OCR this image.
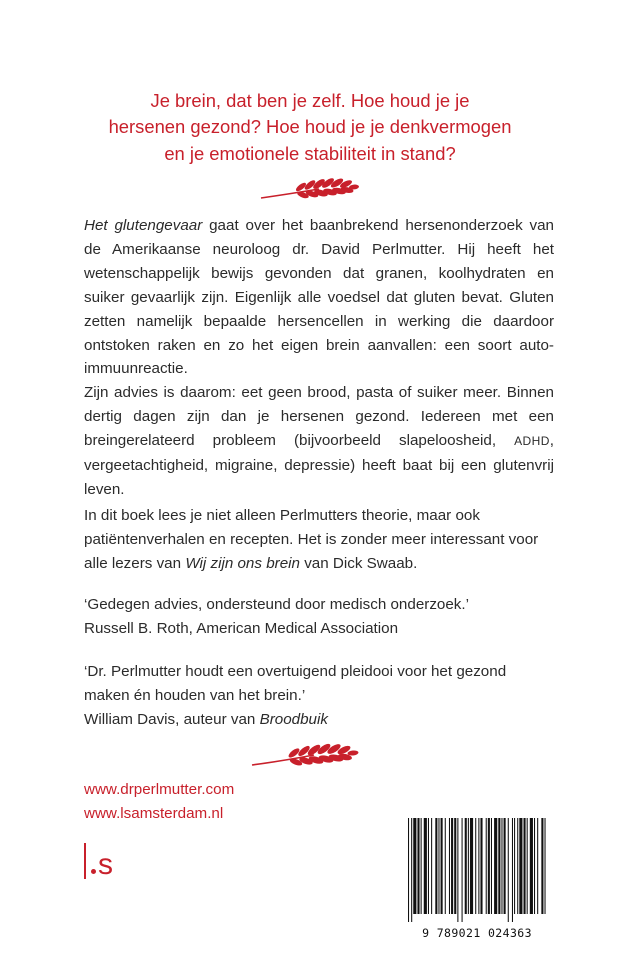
Je brein, dat ben je zelf. Hoe houd je je

hersenen gezond? Hoe houd je je denkvermogen

en je emotionele stabiliteit in stand?

Het glutengevaar gaat over het baanbrekend hersenonderzoek van de Amerikaanse neuroloog dr. David Perlmutter. Hij heeft het wetenschappelijk bewijs gevonden dat granen, koolhydraten en suiker gevaarlijk zijn. Eigenlijk alle voedsel dat gluten bevat. Gluten zetten namelijk bepaalde hersencellen in werking die daardoor ontstoken raken en zo het eigen brein aanvallen: een soort auto-immuunreactie.

Zijn advies is daarom: eet geen brood, pasta of suiker meer. Binnen dertig dagen zijn dan je hersenen gezond. Iedereen met een breingerelateerd probleem (bijvoorbeeld slapeloosheid, ADHD, vergeetachtigheid, migraine, depressie) heeft baat bij een glutenvrij leven.

In dit boek lees je niet alleen Perlmutters theorie, maar ook patiëntenverhalen en recepten. Het is zonder meer interessant voor alle lezers van Wij zijn ons brein van Dick Swaab.

‘Gedegen advies, ondersteund door medisch onderzoek.’

Russell B. Roth, American Medical Association

‘Dr. Perlmutter houdt een overtuigend pleidooi voor het gezond maken én houden van het brein.’

William Davis, auteur van Broodbuik

www.drperlmutter.com
www.lsamsterdam.nl
s
9 789021 024363
